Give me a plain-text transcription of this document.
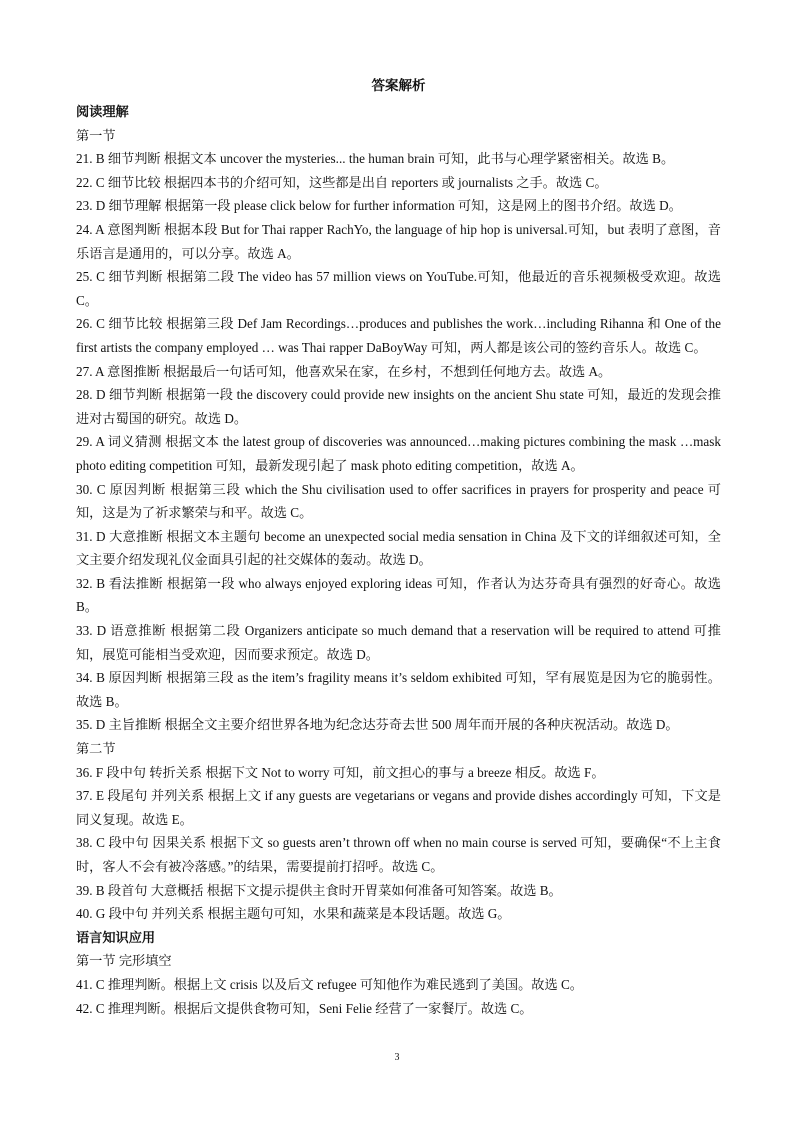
答案解析
阅读理解
第一节
21. B 细节判断 根据文本 uncover the mysteries... the human brain 可知，此书与心理学紧密相关。故选 B。
22. C 细节比较 根据四本书的介绍可知，这些都是出自 reporters 或 journalists 之手。故选 C。
23. D 细节理解 根据第一段 please click below for further information 可知，这是网上的图书介绍。故选 D。
24. A 意图判断 根据本段 But for Thai rapper RachYo, the language of hip hop is universal.可知，but 表明了意图，音乐语言是通用的，可以分享。故选 A。
25. C 细节判断 根据第二段 The video has 57 million views on YouTube.可知，他最近的音乐视频极受欢迎。故选 C。
26. C 细节比较 根据第三段 Def Jam Recordings…produces and publishes the work…including Rihanna 和 One of the first artists the company employed … was Thai rapper DaBoyWay 可知，两人都是该公司的签约音乐人。故选 C。
27. A 意图推断 根据最后一句话可知，他喜欢呆在家，在乡村，不想到任何地方去。故选 A。
28. D 细节判断 根据第一段 the discovery could provide new insights on the ancient Shu state 可知，最近的发现会推进对古蜀国的研究。故选 D。
29. A 词义猜测 根据文本 the latest group of discoveries was announced…making pictures combining the mask …mask photo editing competition 可知，最新发现引起了 mask photo editing competition，故选 A。
30. C 原因判断 根据第三段 which the Shu civilisation used to offer sacrifices in prayers for prosperity and peace 可知，这是为了祈求繁荣与和平。故选 C。
31. D 大意推断 根据文本主题句 become an unexpected social media sensation in China 及下文的详细叙述可知，全文主要介绍发现礼仪金面具引起的社交媒体的轰动。故选 D。
32. B 看法推断 根据第一段 who always enjoyed exploring ideas 可知，作者认为达芬奇具有强烈的好奇心。故选 B。
33. D 语意推断 根据第二段 Organizers anticipate so much demand that a reservation will be required to attend 可推知，展览可能相当受欢迎，因而要求预定。故选 D。
34. B 原因判断 根据第三段 as the item’s fragility means it’s seldom exhibited 可知，罕有展览是因为它的脆弱性。故选 B。
35. D 主旨推断 根据全文主要介绍世界各地为纪念达芬奇去世 500 周年而开展的各种庆祝活动。故选 D。
第二节
36. F 段中句 转折关系 根据下文 Not to worry 可知，前文担心的事与 a breeze 相反。故选 F。
37. E 段尾句 并列关系 根据上文 if any guests are vegetarians or vegans and provide dishes accordingly 可知，下文是同义复现。故选 E。
38. C 段中句 因果关系 根据下文 so guests aren’t thrown off when no main course is served 可知，要确保“不上主食时，客人不会有被冷落感。”的结果，需要提前打招呼。故选 C。
39. B 段首句 大意概括 根据下文提示提供主食时开胃菜如何准备可知答案。故选 B。
40. G 段中句 并列关系 根据主题句可知，水果和蔬菜是本段话题。故选 G。
语言知识应用
第一节 完形填空
41. C 推理判断。根据上文 crisis 以及后文 refugee 可知他作为难民逃到了美国。故选 C。
42. C 推理判断。根据后文提供食物可知，Seni Felie 经营了一家餐厅。故选 C。
3
